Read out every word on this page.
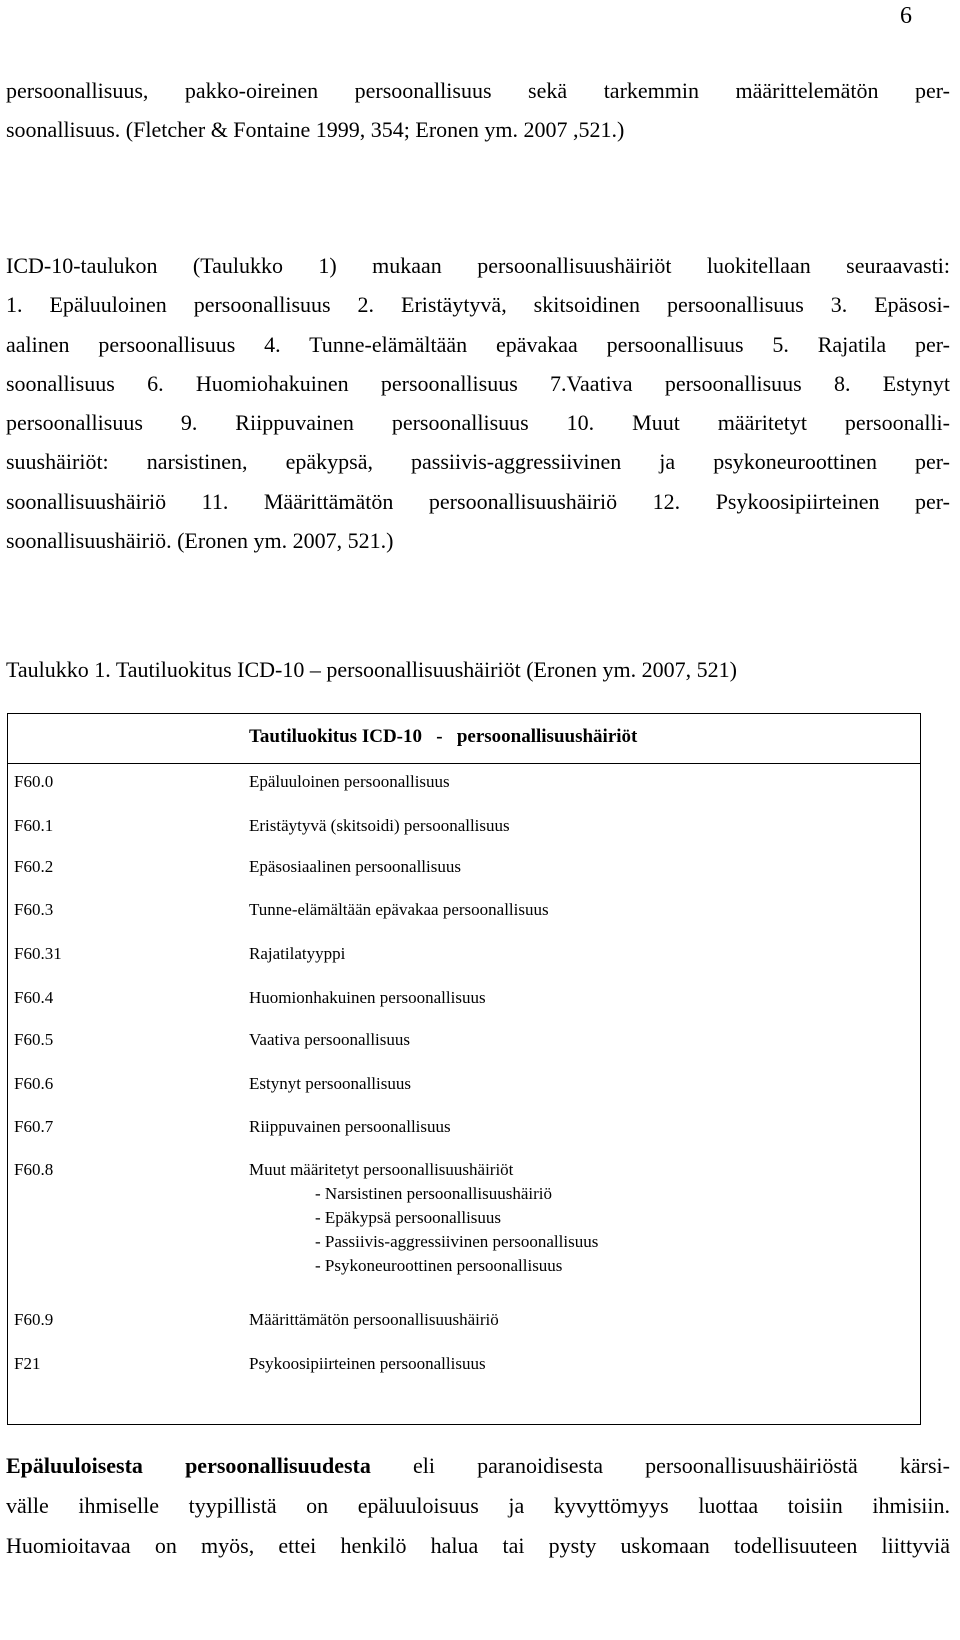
6
persoonallisuus, pakko-oireinen persoonallisuus sekä tarkemmin määrittelemätön per-
soonallisuus. (Fletcher & Fontaine 1999, 354; Eronen ym. 2007 ,521.)
ICD-10-taulukon (Taulukko 1) mukaan persoonallisuushäiriöt luokitellaan seuraavasti:
1. Epäluuloinen persoonallisuus 2. Eristäytyvä, skitsoidinen persoonallisuus 3. Epäsosi-
aalinen persoonallisuus 4. Tunne-elämältään epävakaa persoonallisuus 5. Rajatila per-
soonallisuus 6. Huomiohakuinen persoonallisuus 7.Vaativa persoonallisuus 8. Estynyt
persoonallisuus 9. Riippuvainen persoonallisuus 10. Muut määritetyt persoonalli-
suushäiriöt: narsistinen, epäkypsä, passiivis-aggressiivinen ja psykoneuroottinen per-
soonallisuushäiriö 11. Määrittämätön persoonallisuushäiriö 12. Psykoosipiirteinen per-
soonallisuushäiriö. (Eronen ym. 2007, 521.)
Taulukko 1. Tautiluokitus ICD-10 – persoonallisuushäiriöt (Eronen ym. 2007, 521)
Tautiluokitus ICD-10   -   persoonallisuushäiriöt
F60.0	Epäluuloinen persoonallisuus
F60.1	Eristäytyvä (skitsoidi) persoonallisuus
F60.2	Epäsosiaalinen persoonallisuus
F60.3	Tunne-elämältään epävakaa persoonallisuus
F60.31	Rajatilatyyppi
F60.4	Huomionhakuinen persoonallisuus
F60.5	Vaativa persoonallisuus
F60.6	Estynyt persoonallisuus
F60.7	Riippuvainen persoonallisuus
F60.8	Muut määritetyt persoonallisuushäiriöt
- Narsistinen persoonallisuushäiriö
- Epäkypsä persoonallisuus
- Passiivis-aggressiivinen persoonallisuus
- Psykoneuroottinen persoonallisuus
F60.9	Määrittämätön persoonallisuushäiriö
F21	Psykoosipiirteinen persoonallisuus
Epäluuloisesta persoonallisuudesta eli paranoidisesta persoonallisuushäiriöstä kärsi-
välle ihmiselle tyypillistä on epäluuloisuus ja kyvyttömyys luottaa toisiin ihmisiin.
Huomioitavaa on myös, ettei henkilö halua tai pysty uskomaan todellisuuteen liittyviä
